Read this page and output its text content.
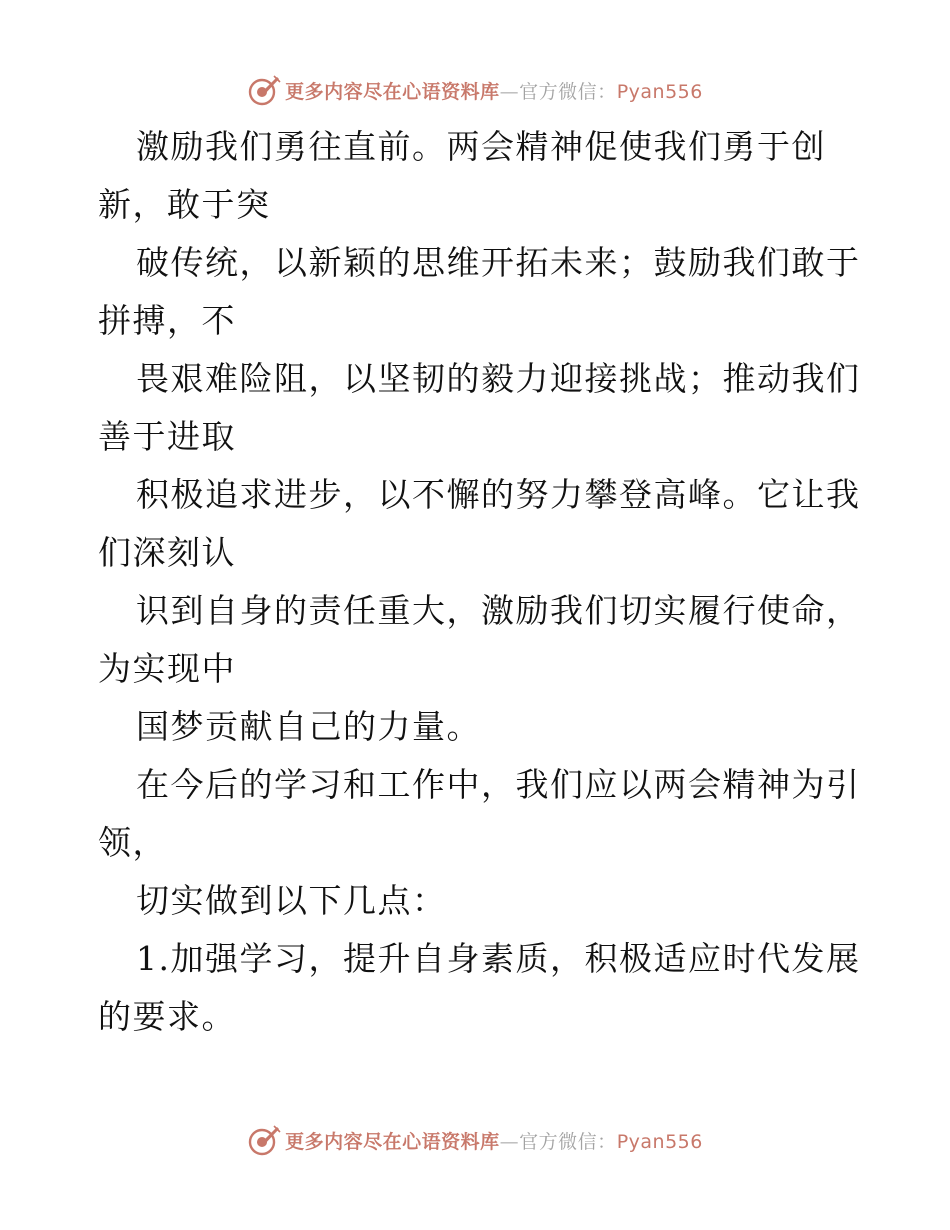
更多内容尽在心语资料库—官方微信：Pyan556
激励我们勇往直前。两会精神促使我们勇于创
新，敢于突
破传统，以新颖的思维开拓未来；鼓励我们敢于
拼搏，不
畏艰难险阻，以坚韧的毅力迎接挑战；推动我们
善于进取
积极追求进步，以不懈的努力攀登高峰。它让我
们深刻认
识到自身的责任重大，激励我们切实履行使命，
为实现中
国梦贡献自己的力量。
在今后的学习和工作中，我们应以两会精神为引
领，
切实做到以下几点：
1.加强学习，提升自身素质，积极适应时代发展
的要求。
更多内容尽在心语资料库—官方微信：Pyan556
